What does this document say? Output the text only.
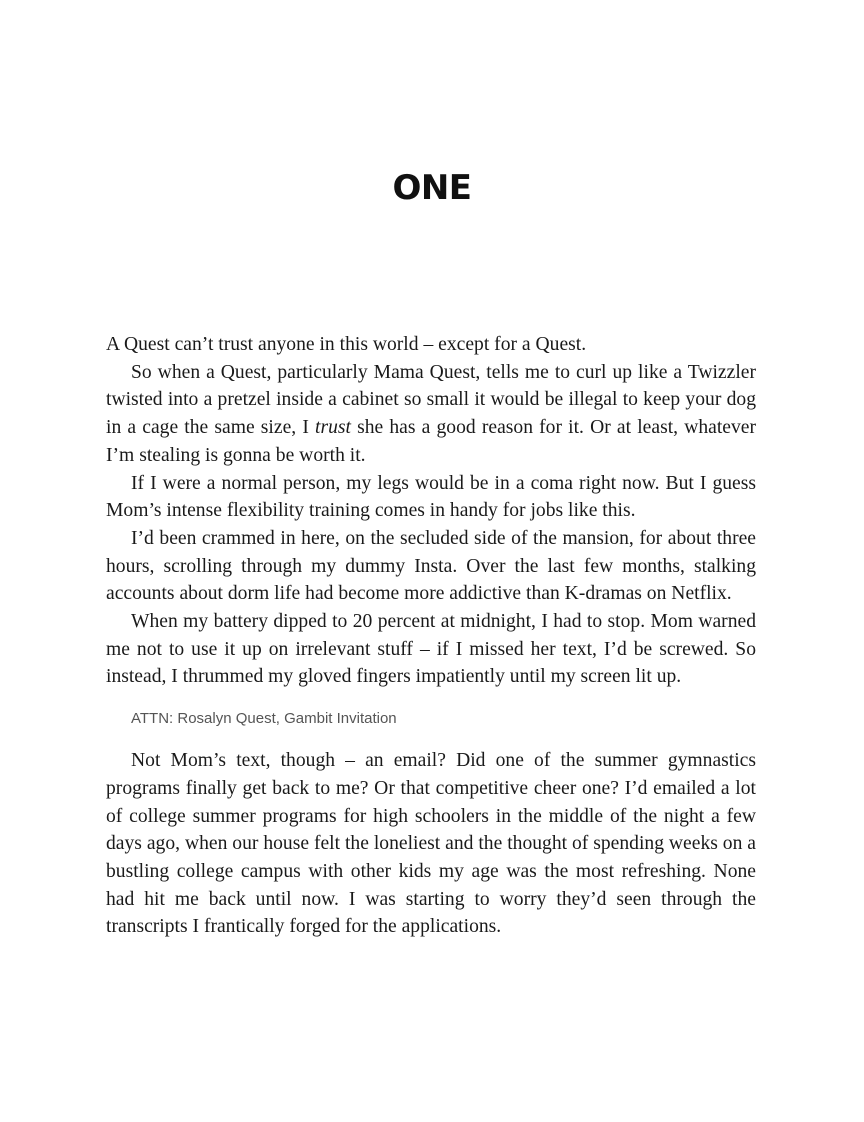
ONE

A Quest can’t trust anyone in this world – except for a Quest.

So when a Quest, particularly Mama Quest, tells me to curl up like a Twizzler twisted into a pretzel inside a cabinet so small it would be illegal to keep your dog in a cage the same size, I trust she has a good reason for it. Or at least, whatever I’m stealing is gonna be worth it.

If I were a normal person, my legs would be in a coma right now. But I guess Mom’s intense flexibility training comes in handy for jobs like this.

I’d been crammed in here, on the secluded side of the mansion, for about three hours, scrolling through my dummy Insta. Over the last few months, stalking accounts about dorm life had become more addictive than K-dramas on Netflix.

When my battery dipped to 20 percent at midnight, I had to stop. Mom warned me not to use it up on irrelevant stuff – if I missed her text, I’d be screwed. So instead, I thrummed my gloved fingers impatiently until my screen lit up.

ATTN: Rosalyn Quest, Gambit Invitation

Not Mom’s text, though – an email? Did one of the summer gymnastics programs finally get back to me? Or that competitive cheer one? I’d emailed a lot of college summer programs for high schoolers in the middle of the night a few days ago, when our house felt the loneliest and the thought of spending weeks on a bustling college campus with other kids my age was the most refreshing. None had hit me back until now. I was starting to worry they’d seen through the transcripts I frantically forged for the applications.
